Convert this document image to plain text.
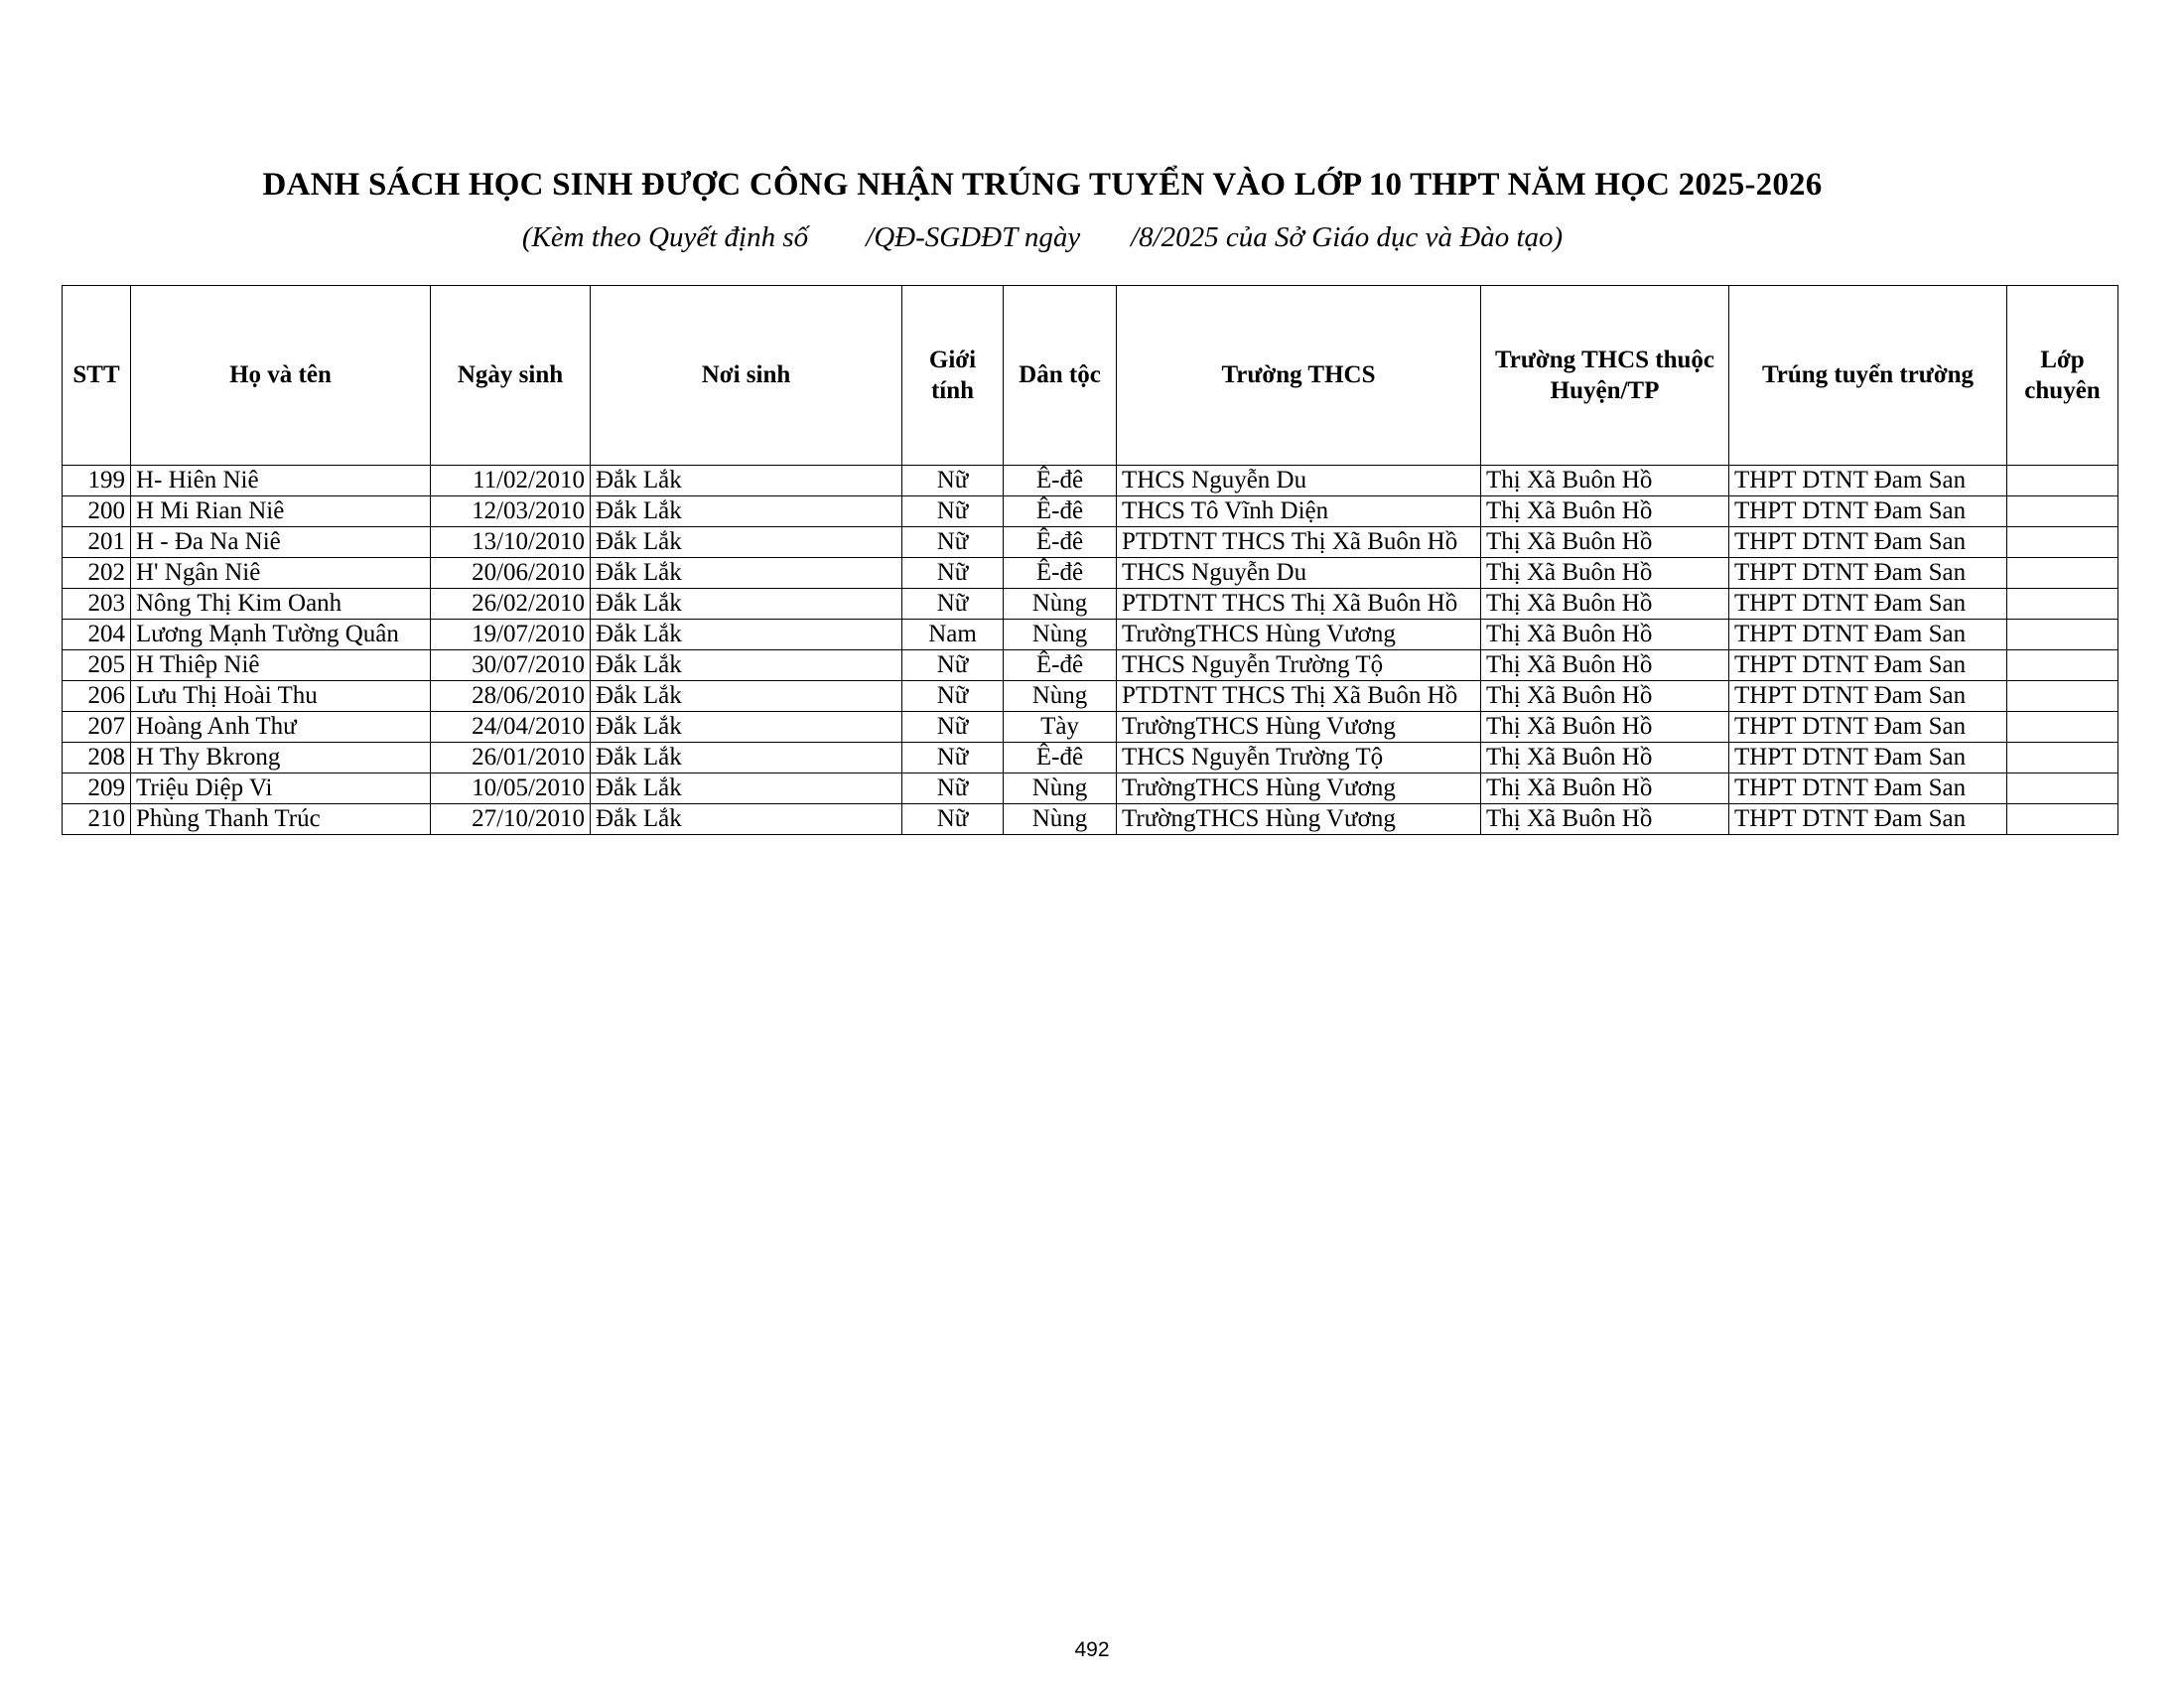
DANH SÁCH HỌC SINH ĐƯỢC CÔNG NHẬN TRÚNG TUYỂN VÀO LỚP 10 THPT NĂM HỌC 2025-2026
(Kèm theo Quyết định số        /QĐ-SGDĐT ngày       /8/2025 của Sở Giáo dục và Đào tạo)
STT	Họ và tên	Ngày sinh	Nơi sinh	Giới tính	Dân tộc	Trường THCS	Trường THCS thuộc Huyện/TP	Trúng tuyển trường	Lớp chuyên
199	H- Hiên Niê	11/02/2010	Đắk Lắk	Nữ	Ê-đê	THCS Nguyễn Du	Thị Xã Buôn Hồ	THPT DTNT Đam San	
200	H Mi Rian Niê	12/03/2010	Đắk Lắk	Nữ	Ê-đê	THCS Tô Vĩnh Diện	Thị Xã Buôn Hồ	THPT DTNT Đam San	
201	H - Đa Na Niê	13/10/2010	Đắk Lắk	Nữ	Ê-đê	PTDTNT THCS Thị Xã Buôn Hồ	Thị Xã Buôn Hồ	THPT DTNT Đam San	
202	H' Ngân Niê	20/06/2010	Đắk Lắk	Nữ	Ê-đê	THCS Nguyễn Du	Thị Xã Buôn Hồ	THPT DTNT Đam San	
203	Nông Thị Kim Oanh	26/02/2010	Đắk Lắk	Nữ	Nùng	PTDTNT THCS Thị Xã Buôn Hồ	Thị Xã Buôn Hồ	THPT DTNT Đam San	
204	Lương Mạnh Tường Quân	19/07/2010	Đắk Lắk	Nam	Nùng	TrườngTHCS Hùng Vương	Thị Xã Buôn Hồ	THPT DTNT Đam San	
205	H Thiêp Niê	30/07/2010	Đắk Lắk	Nữ	Ê-đê	THCS Nguyễn Trường Tộ	Thị Xã Buôn Hồ	THPT DTNT Đam San	
206	Lưu Thị Hoài Thu	28/06/2010	Đắk Lắk	Nữ	Nùng	PTDTNT THCS Thị Xã Buôn Hồ	Thị Xã Buôn Hồ	THPT DTNT Đam San	
207	Hoàng Anh Thư	24/04/2010	Đắk Lắk	Nữ	Tày	TrườngTHCS Hùng Vương	Thị Xã Buôn Hồ	THPT DTNT Đam San	
208	H Thy Bkrong	26/01/2010	Đắk Lắk	Nữ	Ê-đê	THCS Nguyễn Trường Tộ	Thị Xã Buôn Hồ	THPT DTNT Đam San	
209	Triệu Diệp Vi	10/05/2010	Đắk Lắk	Nữ	Nùng	TrườngTHCS Hùng Vương	Thị Xã Buôn Hồ	THPT DTNT Đam San	
210	Phùng Thanh Trúc	27/10/2010	Đắk Lắk	Nữ	Nùng	TrườngTHCS Hùng Vương	Thị Xã Buôn Hồ	THPT DTNT Đam San	
492
